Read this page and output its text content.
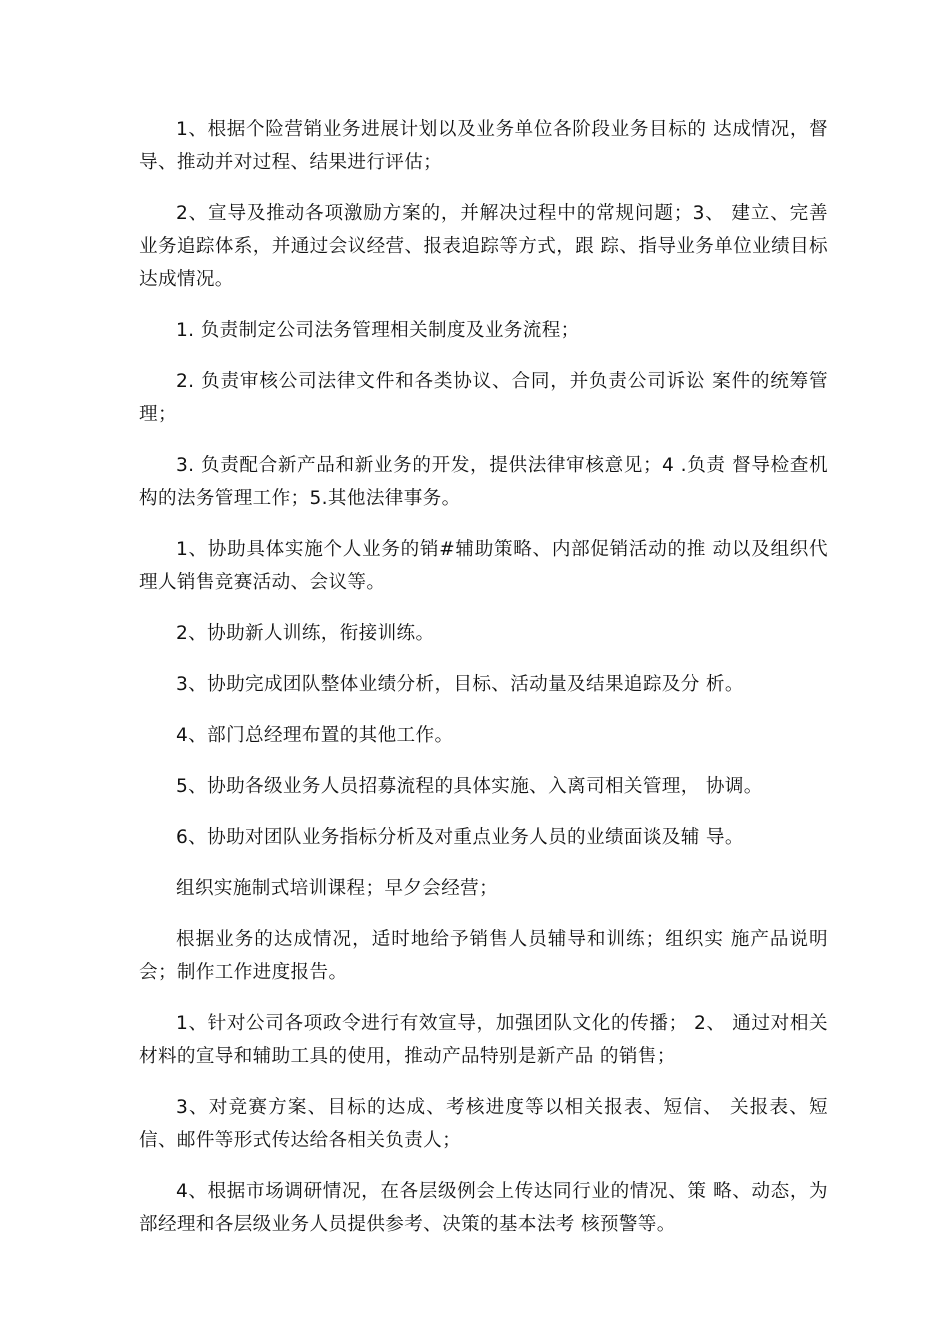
1、根据个险营销业务进展计划以及业务单位各阶段业务目标的 达成情况，督导、推动并对过程、结果进行评估；

2、宣导及推动各项激励方案的，并解决过程中的常规问题；3、 建立、完善业务追踪体系，并通过会议经营、报表追踪等方式，跟 踪、指导业务单位业绩目标达成情况。

1. 负责制定公司法务管理相关制度及业务流程；

2. 负责审核公司法律文件和各类协议、合同，并负责公司诉讼 案件的统筹管理；

3. 负责配合新产品和新业务的开发，提供法律审核意见；4 .负责 督导检查机构的法务管理工作；5.其他法律事务。

1、协助具体实施个人业务的销#辅助策略、内部促销活动的推 动以及组织代理人销售竞赛活动、会议等。

2、协助新人训练，衔接训练。

3、协助完成团队整体业绩分析，目标、活动量及结果追踪及分 析。

4、部门总经理布置的其他工作。

5、协助各级业务人员招募流程的具体实施、入离司相关管理， 协调。

6、协助对团队业务指标分析及对重点业务人员的业绩面谈及辅 导。

组织实施制式培训课程；早夕会经营；

根据业务的达成情况，适时地给予销售人员辅导和训练；组织实 施产品说明会；制作工作进度报告。

1、针对公司各项政令进行有效宣导，加强团队文化的传播； 2、 通过对相关材料的宣导和辅助工具的使用，推动产品特别是新产品 的销售；

3、对竞赛方案、目标的达成、考核进度等以相关报表、短信、 关报表、短信、邮件等形式传达给各相关负责人；

4、根据市场调研情况，在各层级例会上传达同行业的情况、策 略、动态，为部经理和各层级业务人员提供参考、决策的基本法考 核预警等。
